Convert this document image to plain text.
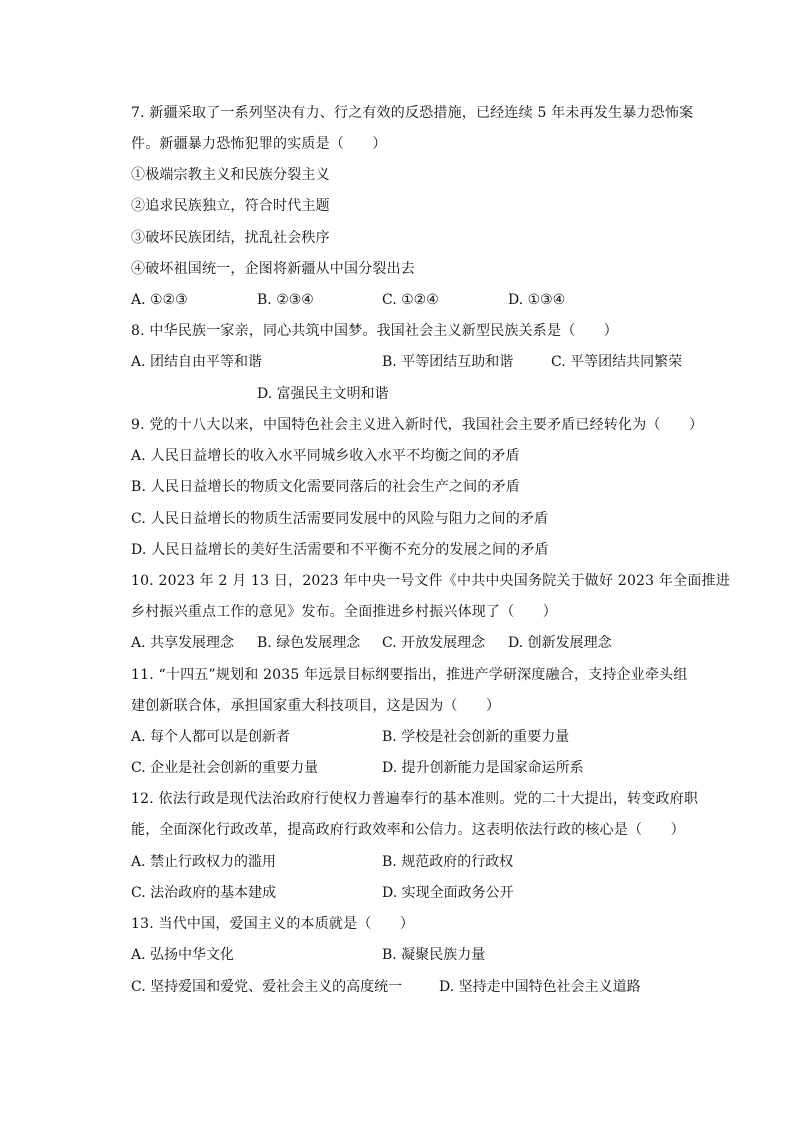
7. 新疆采取了一系列坚决有力、行之有效的反恐措施，已经连续 5 年未再发生暴力恐怖案
件。新疆暴力恐怖犯罪的实质是（　　）
①极端宗教主义和民族分裂主义
②追求民族独立，符合时代主题
③破坏民族团结，扰乱社会秩序
④破坏祖国统一，企图将新疆从中国分裂出去
A. ①②③	B. ②③④	C. ①②④	D. ①③④
8. 中华民族一家亲，同心共筑中国梦。我国社会主义新型民族关系是（　　）
A. 团结自由平等和谐	B. 平等团结互助和谐	C. 平等团结共同繁荣
D. 富强民主文明和谐
9. 党的十八大以来，中国特色社会主义进入新时代，我国社会主要矛盾已经转化为（　　）
A. 人民日益增长的收入水平同城乡收入水平不均衡之间的矛盾
B. 人民日益增长的物质文化需要同落后的社会生产之间的矛盾
C. 人民日益增长的物质生活需要同发展中的风险与阻力之间的矛盾
D. 人民日益增长的美好生活需要和不平衡不充分的发展之间的矛盾
10. 2023 年 2 月 13 日，2023 年中央一号文件《中共中央国务院关于做好 2023 年全面推进
乡村振兴重点工作的意见》发布。全面推进乡村振兴体现了（　　）
A. 共享发展理念 B. 绿色发展理念 C. 开放发展理念 D. 创新发展理念
11. “十四五”规划和 2035 年远景目标纲要指出，推进产学研深度融合，支持企业牵头组
建创新联合体，承担国家重大科技项目，这是因为（　　）
A. 每个人都可以是创新者	B. 学校是社会创新的重要力量
C. 企业是社会创新的重要力量	D. 提升创新能力是国家命运所系
12. 依法行政是现代法治政府行使权力普遍奉行的基本准则。党的二十大提出，转变政府职
能，全面深化行政改革，提高政府行政效率和公信力。这表明依法行政的核心是（　　）
A. 禁止行政权力的滥用	B. 规范政府的行政权
C. 法治政府的基本建成	D. 实现全面政务公开
13. 当代中国，爱国主义的本质就是（　　）
A. 弘扬中华文化	B. 凝聚民族力量
C. 坚持爱国和爱党、爱社会主义的高度统一	D. 坚持走中国特色社会主义道路
